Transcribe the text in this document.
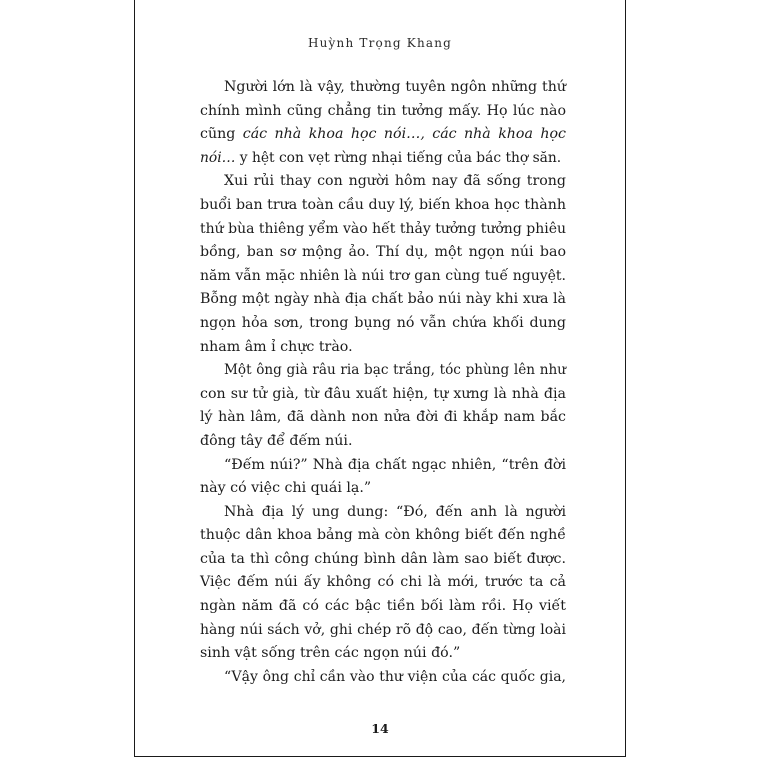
Huỳnh Trọng Khang
Người lớn là vậy, thường tuyên ngôn những thứ
chính mình cũng chẳng tin tưởng mấy. Họ lúc nào
cũng các nhà khoa học nói…, các nhà khoa học
nói… y hệt con vẹt rừng nhại tiếng của bác thợ săn.
Xui rủi thay con người hôm nay đã sống trong
buổi ban trưa toàn cầu duy lý, biến khoa học thành
thứ bùa thiêng yểm vào hết thảy tưởng tưởng phiêu
bồng, ban sơ mộng ảo. Thí dụ, một ngọn núi bao
năm vẫn mặc nhiên là núi trơ gan cùng tuế nguyệt.
Bỗng một ngày nhà địa chất bảo núi này khi xưa là
ngọn hỏa sơn, trong bụng nó vẫn chứa khối dung
nham âm ỉ chực trào.
Một ông già râu ria bạc trắng, tóc phùng lên như
con sư tử già, từ đâu xuất hiện, tự xưng là nhà địa
lý hàn lâm, đã dành non nửa đời đi khắp nam bắc
đông tây để đếm núi.
“Đếm núi?” Nhà địa chất ngạc nhiên, “trên đời
này có việc chi quái lạ.”
Nhà địa lý ung dung: “Đó, đến anh là người
thuộc dân khoa bảng mà còn không biết đến nghề
của ta thì công chúng bình dân làm sao biết được.
Việc đếm núi ấy không có chi là mới, trước ta cả
ngàn năm đã có các bậc tiền bối làm rồi. Họ viết
hàng núi sách vở, ghi chép rõ độ cao, đến từng loài
sinh vật sống trên các ngọn núi đó.”
“Vậy ông chỉ cần vào thư viện của các quốc gia,
14
